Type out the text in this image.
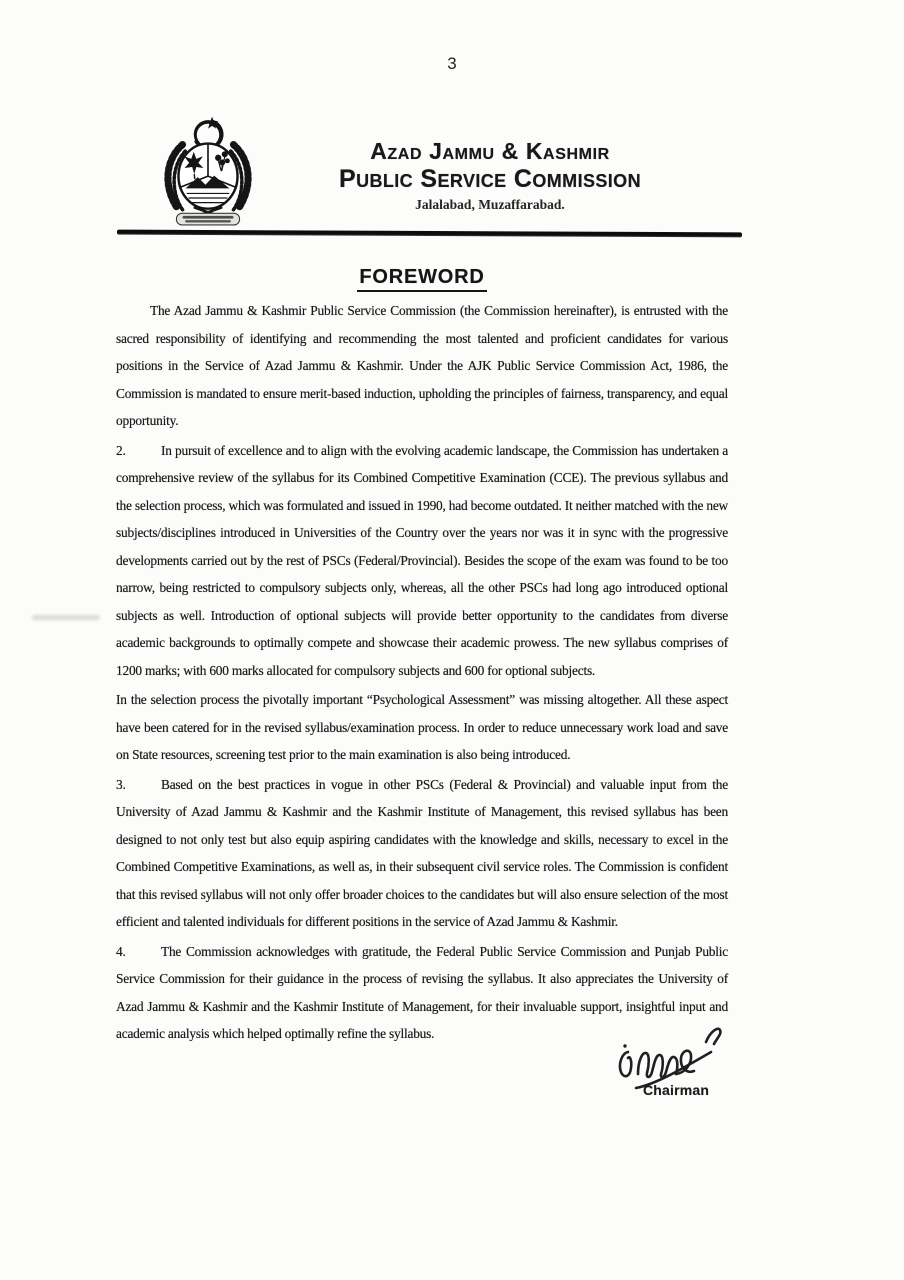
3
Azad Jammu & Kashmir
Public Service Commission
Jalalabad, Muzaffarabad.
FOREWORD

The Azad Jammu & Kashmir Public Service Commission (the Commission hereinafter), is entrusted with the sacred responsibility of identifying and recommending the most talented and proficient candidates for various positions in the Service of Azad Jammu & Kashmir. Under the AJK Public Service Commission Act, 1986, the Commission is mandated to ensure merit-based induction, upholding the principles of fairness, transparency, and equal opportunity.

2.	In pursuit of excellence and to align with the evolving academic landscape, the Commission has undertaken a comprehensive review of the syllabus for its Combined Competitive Examination (CCE). The previous syllabus and the selection process, which was formulated and issued in 1990, had become outdated. It neither matched with the new subjects/disciplines introduced in Universities of the Country over the years nor was it in sync with the progressive developments carried out by the rest of PSCs (Federal/Provincial). Besides the scope of the exam was found to be too narrow, being restricted to compulsory subjects only, whereas, all the other PSCs had long ago introduced optional subjects as well. Introduction of optional subjects will provide better opportunity to the candidates from diverse academic backgrounds to optimally compete and showcase their academic prowess. The new syllabus comprises of 1200 marks; with 600 marks allocated for compulsory subjects and 600 for optional subjects.

In the selection process the pivotally important “Psychological Assessment” was missing altogether. All these aspect have been catered for in the revised syllabus/examination process. In order to reduce unnecessary work load and save on State resources, screening test prior to the main examination is also being introduced.

3.	Based on the best practices in vogue in other PSCs (Federal & Provincial) and valuable input from the University of Azad Jammu & Kashmir and the Kashmir Institute of Management, this revised syllabus has been designed to not only test but also equip aspiring candidates with the knowledge and skills, necessary to excel in the Combined Competitive Examinations, as well as, in their subsequent civil service roles. The Commission is confident that this revised syllabus will not only offer broader choices to the candidates but will also ensure selection of the most efficient and talented individuals for different positions in the service of Azad Jammu & Kashmir.

4.	The Commission acknowledges with gratitude, the Federal Public Service Commission and Punjab Public Service Commission for their guidance in the process of revising the syllabus. It also appreciates the University of Azad Jammu & Kashmir and the Kashmir Institute of Management, for their invaluable support, insightful input and academic analysis which helped optimally refine the syllabus.

Chairman
